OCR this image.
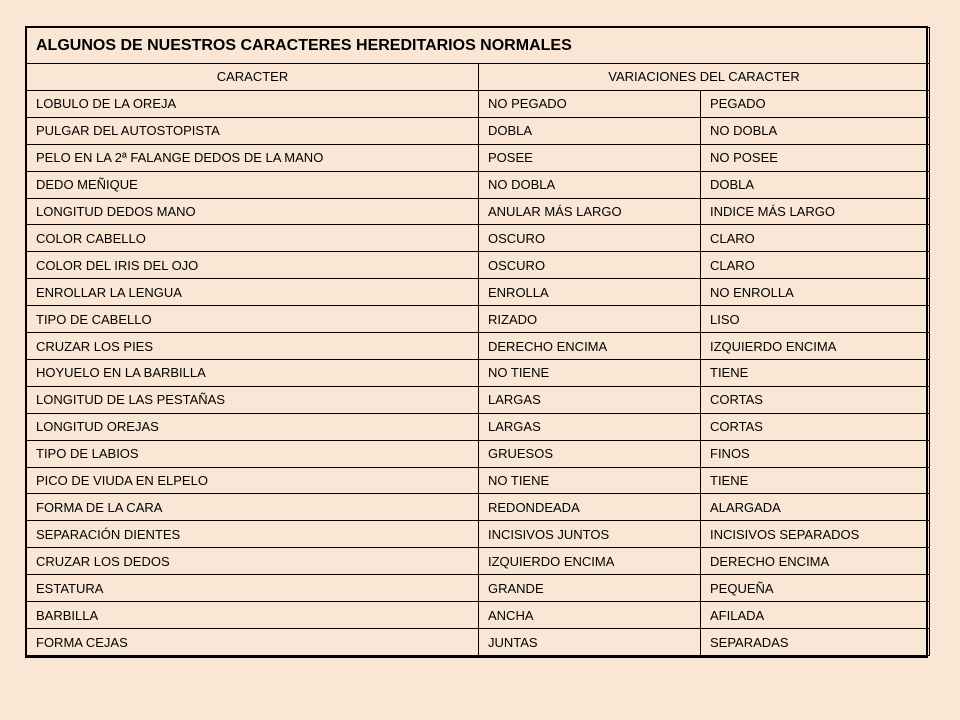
ALGUNOS DE NUESTROS CARACTERES HEREDITARIOS NORMALES		
CARACTER	VARIACIONES DEL CARACTER	
LOBULO DE LA OREJA	NO PEGADO	PEGADO
PULGAR DEL AUTOSTOPISTA	DOBLA	NO DOBLA
PELO EN LA 2ª FALANGE DEDOS DE LA MANO	POSEE	NO POSEE
DEDO MEÑIQUE	NO DOBLA	DOBLA
LONGITUD DEDOS MANO	ANULAR MÁS LARGO	INDICE MÁS LARGO
COLOR CABELLO	OSCURO	CLARO
COLOR DEL IRIS DEL OJO	OSCURO	CLARO
ENROLLAR LA LENGUA	ENROLLA	NO ENROLLA
TIPO DE CABELLO	RIZADO	LISO
CRUZAR LOS PIES	DERECHO ENCIMA	IZQUIERDO ENCIMA
HOYUELO EN LA BARBILLA	NO TIENE	TIENE
LONGITUD DE LAS PESTAÑAS	LARGAS	CORTAS
LONGITUD OREJAS	LARGAS	CORTAS
TIPO DE LABIOS	GRUESOS	FINOS
PICO DE VIUDA EN ELPELO	NO TIENE	TIENE
FORMA DE LA CARA	REDONDEADA	ALARGADA
SEPARACIÓN DIENTES	INCISIVOS JUNTOS	INCISIVOS SEPARADOS
CRUZAR LOS DEDOS	IZQUIERDO ENCIMA	DERECHO ENCIMA
ESTATURA	GRANDE	PEQUEÑA
BARBILLA	ANCHA	AFILADA
FORMA CEJAS	JUNTAS	SEPARADAS
